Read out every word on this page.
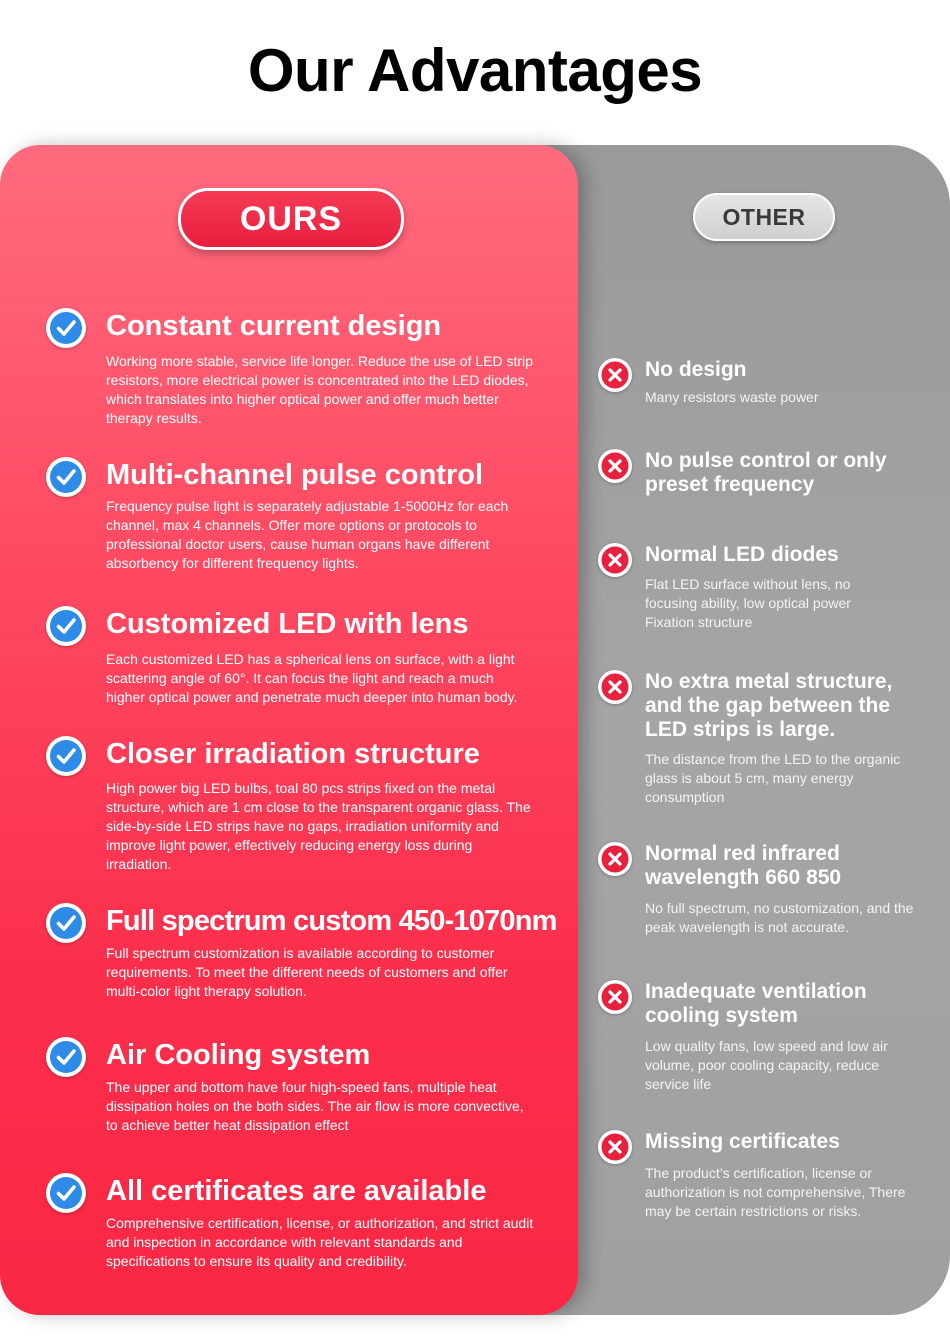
Our Advantages
OURS	OTHER
Constant current design
Working more stable, service life longer. Reduce the use of LED strip resistors, more electrical power is concentrated into the LED diodes, which translates into higher optical power and offer much better therapy results.
Multi-channel pulse control
Frequency pulse light is separately adjustable 1-5000Hz for each channel, max 4 channels. Offer more options or protocols to professional doctor users, cause human organs have different absorbency for different frequency lights.
Customized LED with lens
Each customized LED has a spherical lens on surface, with a light scattering angle of 60°. It can focus the light and reach a much higher optical power and penetrate much deeper into human body.
Closer irradiation structure
High power big LED bulbs, toal 80 pcs strips fixed on the metal structure, which are 1 cm close to the transparent organic glass. The side-by-side LED strips have no gaps, irradiation uniformity and improve light power, effectively reducing energy loss during irradiation.
Full spectrum custom 450-1070nm
Full spectrum customization is available according to customer requirements. To meet the different needs of customers and offer multi-color light therapy solution.
Air Cooling system
The upper and bottom have four high-speed fans, multiple heat dissipation holes on the both sides. The air flow is more convective, to achieve better heat dissipation effect
All certificates are available
Comprehensive certification, license, or authorization, and strict audit and inspection in accordance with relevant standards and specifications to ensure its quality and credibility.
No design
Many resistors waste power
No pulse control or only preset frequency
Normal LED diodes
Flat LED surface without lens, no focusing ability, low optical power Fixation structure
No extra metal structure, and the gap between the LED strips is large.
The distance from the LED to the organic glass is about 5 cm, many energy consumption
Normal red infrared wavelength 660 850
No full spectrum, no customization, and the peak wavelength is not accurate.
Inadequate ventilation cooling system
Low quality fans, low speed and low air volume, poor cooling capacity, reduce service life
Missing certificates
The product’s certification, license or authorization is not comprehensive, There may be certain restrictions or risks.
